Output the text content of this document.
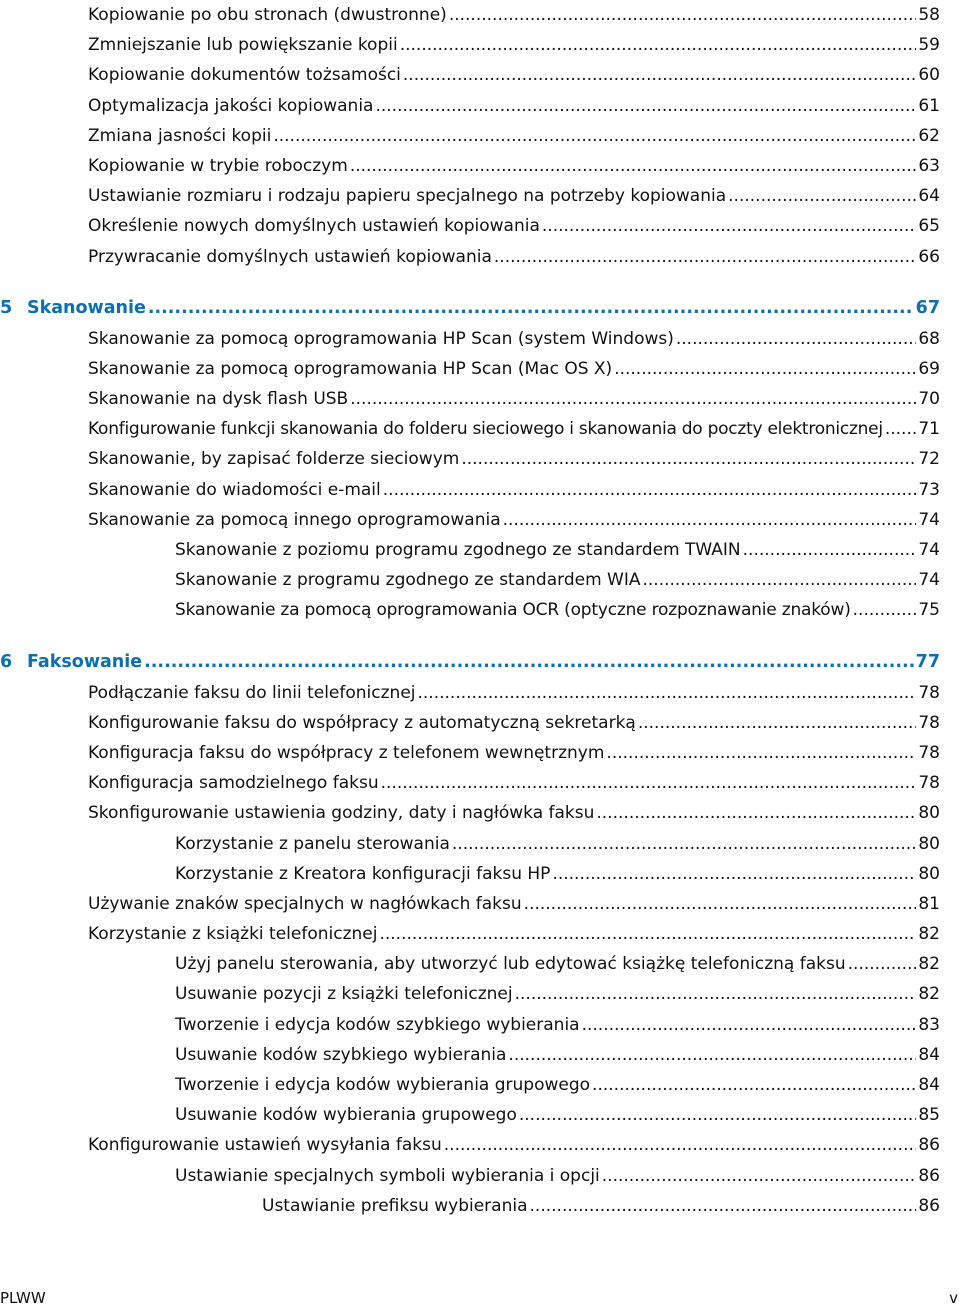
Kopiowanie po obu stronach (dwustronne) .....	58
Zmniejszanie lub powiększanie kopii .....	59
Kopiowanie dokumentów tożsamości .....	60
Optymalizacja jakości kopiowania .....	61
Zmiana jasności kopii .....	62
Kopiowanie w trybie roboczym .....	63
Ustawianie rozmiaru i rodzaju papieru specjalnego na potrzeby kopiowania .....	64
Określenie nowych domyślnych ustawień kopiowania .....	65
Przywracanie domyślnych ustawień kopiowania .....	66
5 Skanowanie .....	67
Skanowanie za pomocą oprogramowania HP Scan (system Windows) .....	68
Skanowanie za pomocą oprogramowania HP Scan (Mac OS X) .....	69
Skanowanie na dysk flash USB .....	70
Konfigurowanie funkcji skanowania do folderu sieciowego i skanowania do poczty elektronicznej ..... 71
Skanowanie, by zapisać folderze sieciowym .....	72
Skanowanie do wiadomości e-mail .....	73
Skanowanie za pomocą innego oprogramowania .....	74
Skanowanie z poziomu programu zgodnego ze standardem TWAIN .....	74
Skanowanie z programu zgodnego ze standardem WIA .....	74
Skanowanie za pomocą oprogramowania OCR (optyczne rozpoznawanie znaków) .....	75
6 Faksowanie .....	77
Podłączanie faksu do linii telefonicznej .....	78
Konfigurowanie faksu do współpracy z automatyczną sekretarką .....	78
Konfiguracja faksu do współpracy z telefonem wewnętrznym .....	78
Konfiguracja samodzielnego faksu .....	78
Skonfigurowanie ustawienia godziny, daty i nagłówka faksu .....	80
Korzystanie z panelu sterowania .....	80
Korzystanie z Kreatora konfiguracji faksu HP .....	80
Używanie znaków specjalnych w nagłówkach faksu .....	81
Korzystanie z książki telefonicznej .....	82
Użyj panelu sterowania, aby utworzyć lub edytować książkę telefoniczną faksu .....	82
Usuwanie pozycji z książki telefonicznej .....	82
Tworzenie i edycja kodów szybkiego wybierania .....	83
Usuwanie kodów szybkiego wybierania .....	84
Tworzenie i edycja kodów wybierania grupowego .....	84
Usuwanie kodów wybierania grupowego .....	85
Konfigurowanie ustawień wysyłania faksu .....	86
Ustawianie specjalnych symboli wybierania i opcji .....	86
Ustawianie prefiksu wybierania .....	86
PLWW	v
